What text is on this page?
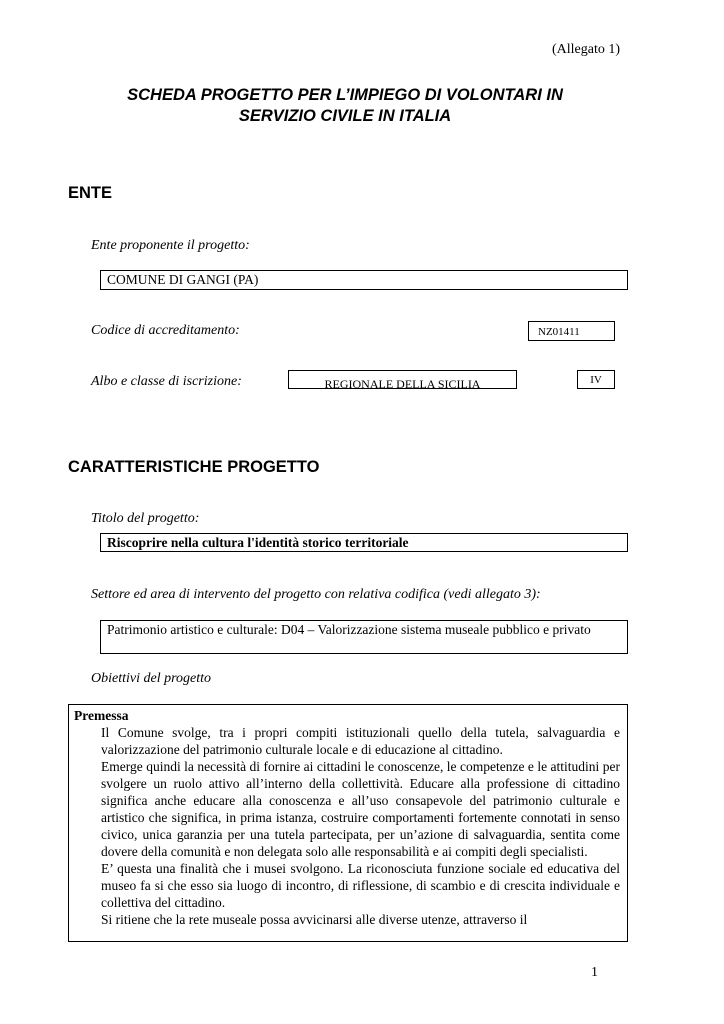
(Allegato 1)
SCHEDA PROGETTO PER L’IMPIEGO DI VOLONTARI IN
SERVIZIO CIVILE IN ITALIA
ENTE
Ente proponente il progetto:
COMUNE DI GANGI (PA)
Codice di accreditamento:	NZ01411
Albo e classe di iscrizione:	REGIONALE DELLA SICILIA	IV
CARATTERISTICHE PROGETTO
Titolo del progetto:
Riscoprire nella cultura l'identità storico territoriale
Settore ed area di intervento del progetto con relativa codifica (vedi allegato 3):
Patrimonio artistico e culturale: D04 – Valorizzazione sistema museale pubblico e privato
Obiettivi del progetto
Premessa
Il Comune svolge, tra i propri compiti istituzionali quello della tutela, salvaguardia e valorizzazione del patrimonio culturale locale e di educazione al cittadino.
Emerge quindi la necessità di fornire ai cittadini le conoscenze, le competenze e le attitudini per svolgere un ruolo attivo all’interno della collettività. Educare alla professione di cittadino significa anche educare alla conoscenza e all’uso consapevole del patrimonio culturale e artistico che significa, in prima istanza, costruire comportamenti fortemente connotati in senso civico, unica garanzia per una tutela partecipata, per un’azione di salvaguardia, sentita come dovere della comunità e non delegata solo alle responsabilità e ai compiti degli specialisti.
E’ questa una finalità che i musei svolgono. La riconosciuta funzione sociale ed educativa del museo fa si che esso sia luogo di incontro, di riflessione, di scambio e di crescita individuale e collettiva del cittadino.
Si ritiene che la rete museale possa avvicinarsi alle diverse utenze, attraverso il
1
